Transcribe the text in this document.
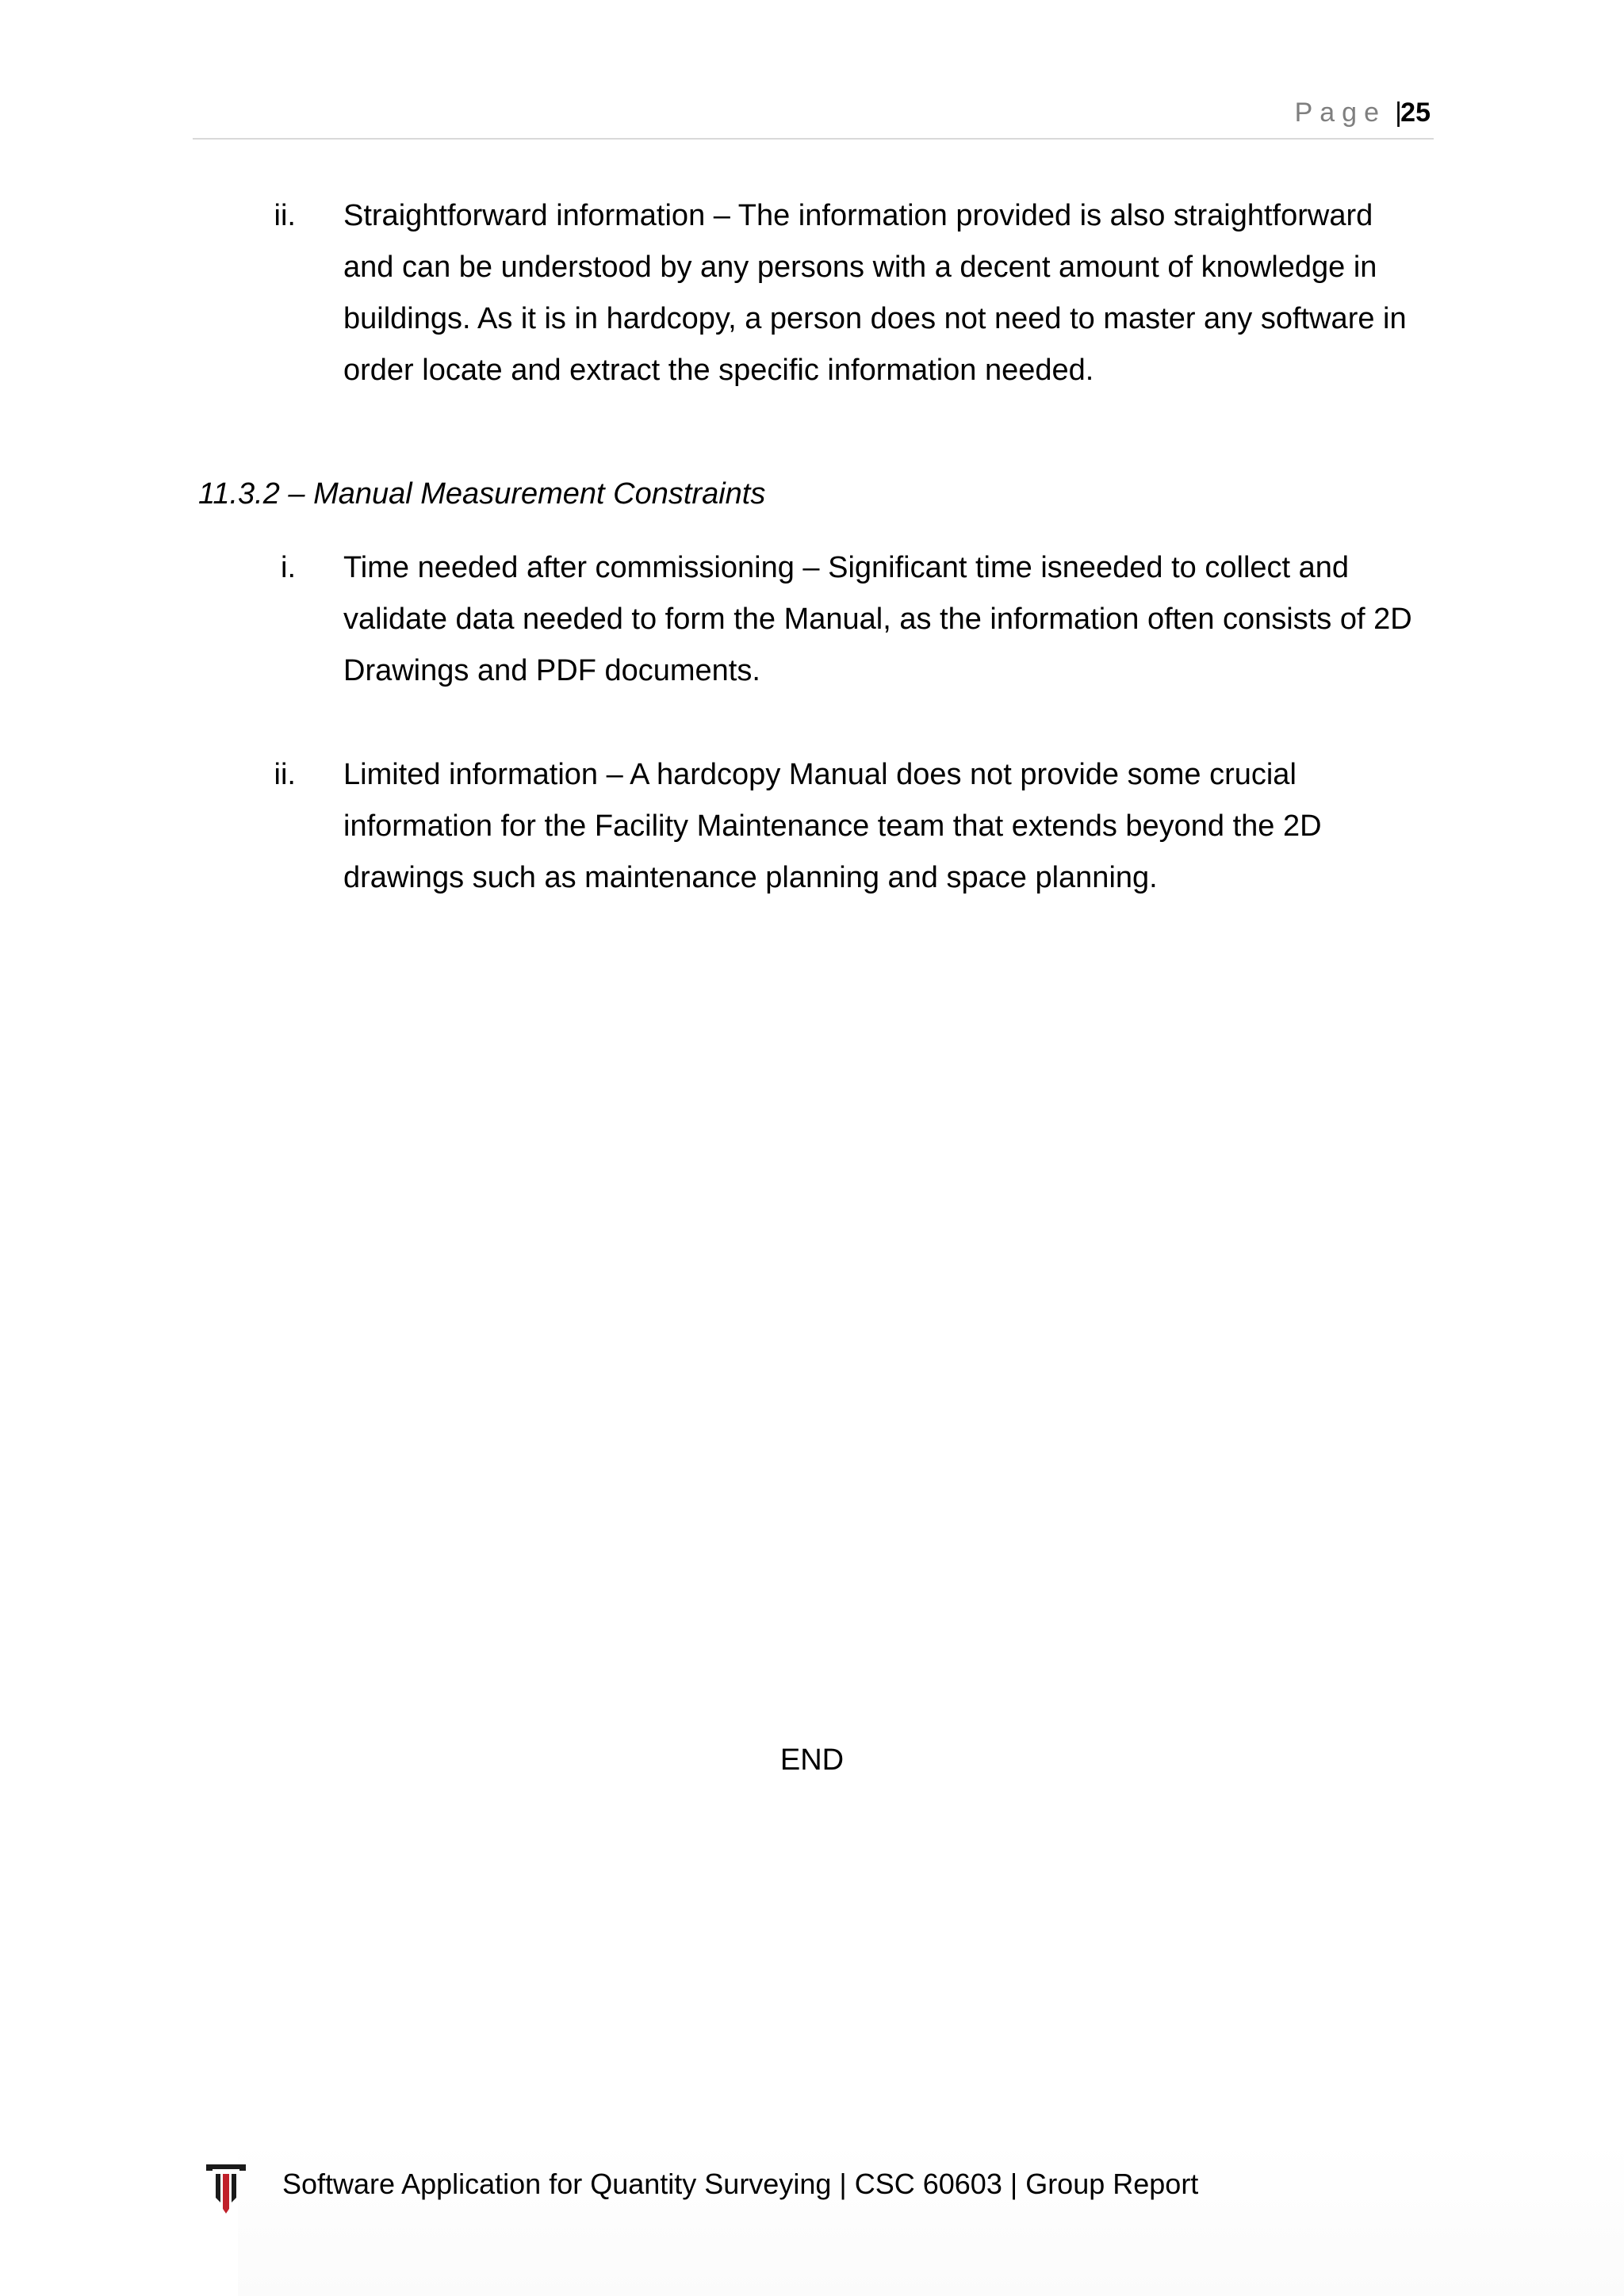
Page |
25
ii. Straightforward information – The information provided is also straightforward and can be understood by any persons with a decent amount of knowledge in buildings. As it is in hardcopy, a person does not need to master any software in order locate and extract the specific information needed.
11.3.2 – Manual Measurement Constraints
i. Time needed after commissioning – Significant time isneeded to collect and validate data needed to form the Manual, as the information often consists of 2D Drawings and PDF documents.
ii. Limited information – A hardcopy Manual does not provide some crucial information for the Facility Maintenance team that extends beyond the 2D drawings such as maintenance planning and space planning.
END
Software Application for Quantity Surveying | CSC 60603 | Group Report
